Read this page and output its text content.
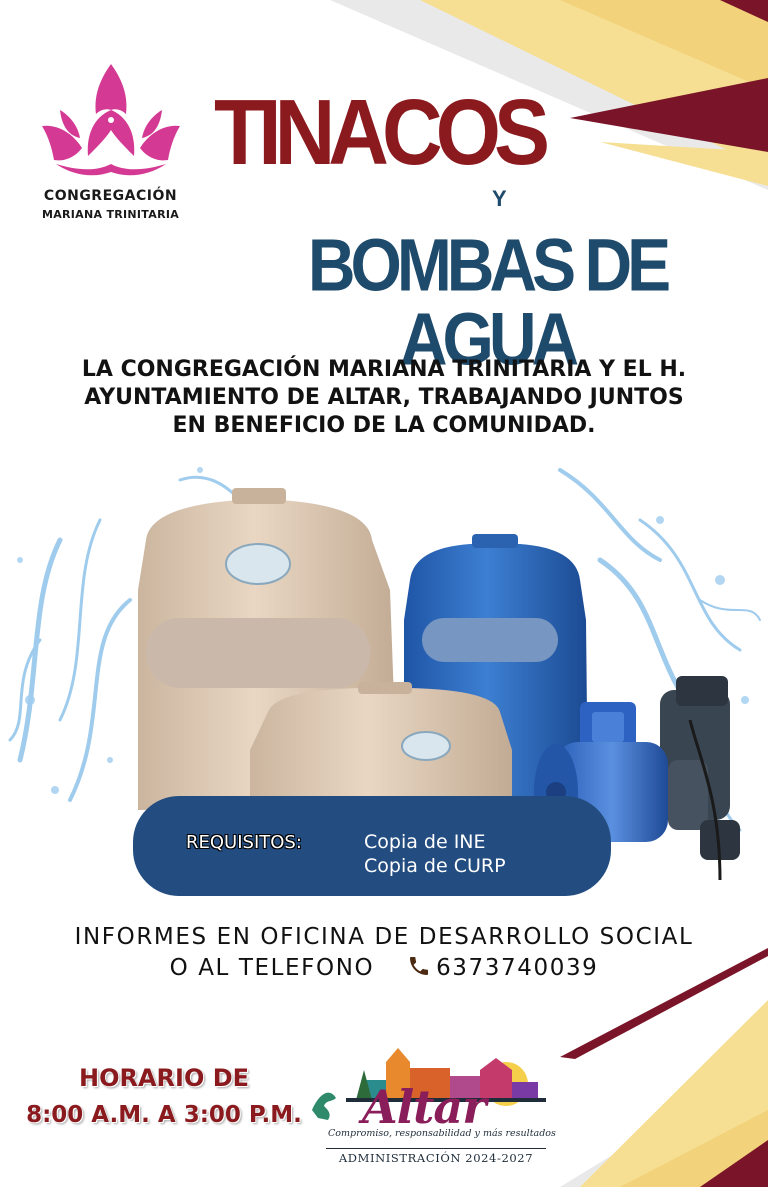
CONGREGACIÓN
MARIANA TRINITARIA
TINACOS
Y
BOMBAS DE AGUA
LA CONGREGACIÓN MARIANA TRINITARIA Y EL H.
AYUNTAMIENTO DE ALTAR, TRABAJANDO JUNTOS
EN BENEFICIO DE LA COMUNIDAD.
REQUISITOS:	Copia de INE
Copia de CURP
INFORMES EN OFICINA DE DESARROLLO SOCIAL
O AL TELEFONO	6373740039
HORARIO DE
8:00 A.M. A 3:00 P.M. Altar
Compromiso, responsabilidad y más resultados
ADMINISTRACIÓN 2024-2027
